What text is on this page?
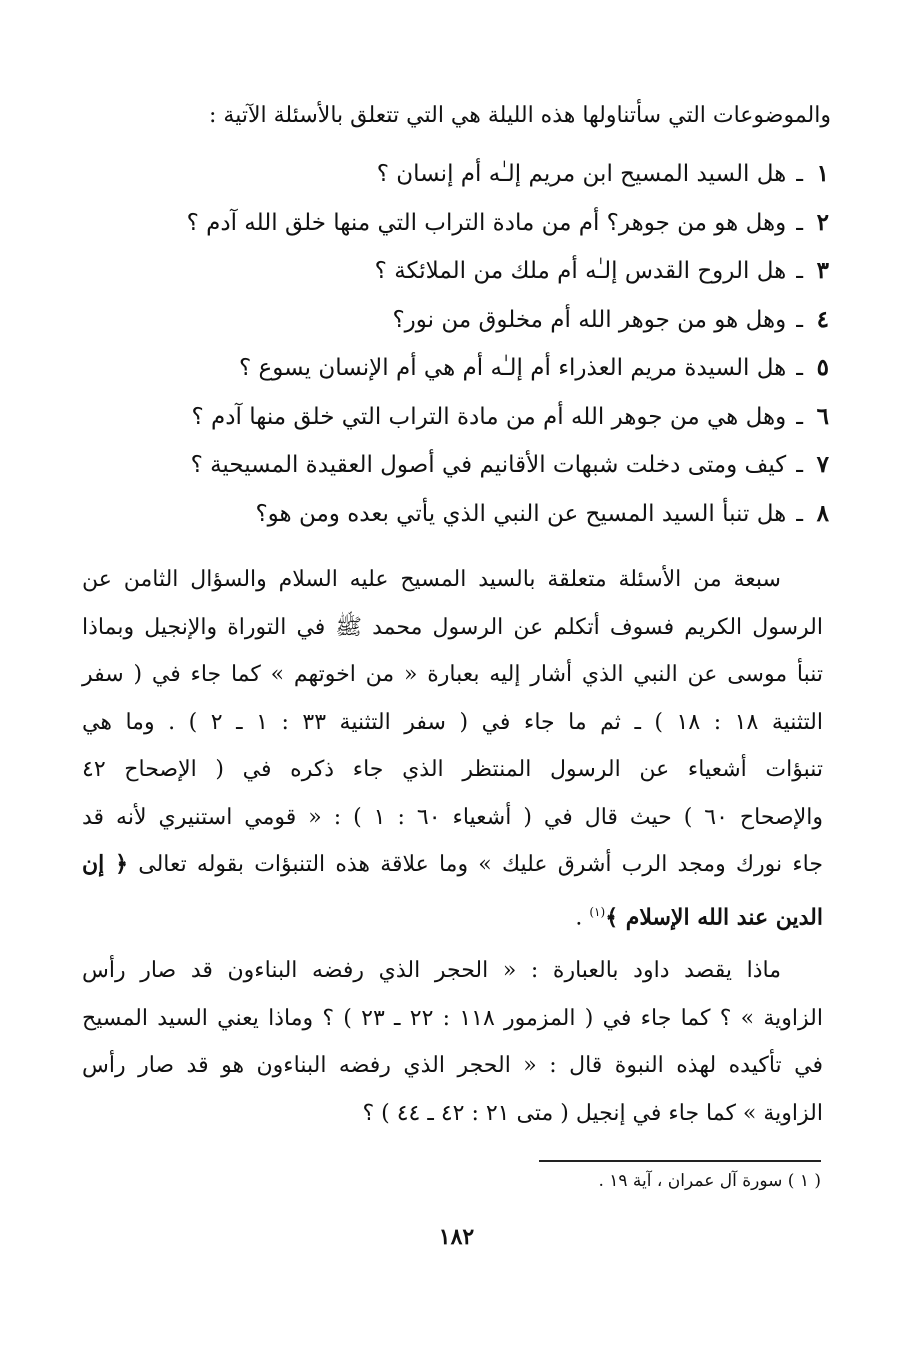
والموضوعات التي سأتناولها هذه الليلة هي التي تتعلق بالأسئلة الآتية :
١ـهل السيد المسيح ابن مريم إلـٰه أم إنسان ؟
٢ـوهل هو من جوهر؟ أم من مادة التراب التي منها خلق الله آدم ؟
٣ـهل الروح القدس إلـٰه أم ملك من الملائكة ؟
٤ـوهل هو من جوهر الله أم مخلوق من نور؟
٥ـهل السيدة مريم العذراء أم إلـٰه أم هي أم الإنسان يسوع ؟
٦ـوهل هي من جوهر الله أم من مادة التراب التي خلق منها آدم ؟
٧ـكيف ومتى دخلت شبهات الأقانيم في أصول العقيدة المسيحية ؟
٨ـهل تنبأ السيد المسيح عن النبي الذي يأتي بعده ومن هو؟
سبعة من الأسئلة متعلقة بالسيد المسيح عليه السلام والسؤال الثامن عن
الرسول الكريم فسوف أتكلم عن الرسول محمد ﷺ في التوراة والإنجيل وبماذا
تنبأ موسى عن النبي الذي أشار إليه بعبارة « من اخوتهم » كما جاء في ( سفر
التثنية ١٨ : ١٨ ) ـ ثم ما جاء في ( سفر التثنية ٣٣ : ١ ـ ٢ ) . وما هي
تنبؤات أشعياء عن الرسول المنتظر الذي جاء ذكره في ( الإصحاح ٤٢
والإصحاح ٦٠ ) حيث قال في ( أشعياء ٦٠ : ١ ) : « قومي استنيري لأنه قد
جاء نورك ومجد الرب أشرق عليك » وما علاقة هذه التنبؤات بقوله تعالى ﴿ إن
الدين عند الله الإسلام ﴾$^{(١)}$ .
ماذا يقصد داود بالعبارة : « الحجر الذي رفضه البناءون قد صار رأس
الزاوية » ؟ كما جاء في ( المزمور ١١٨ : ٢٢ ـ ٢٣ ) ؟ وماذا يعني السيد المسيح
في تأكيده لهذه النبوة قال : « الحجر الذي رفضه البناءون هو قد صار رأس
الزاوية » كما جاء في إنجيل ( متى ٢١ : ٤٢ ـ ٤٤ ) ؟
( ١ ) سورة آل عمران ، آية ١٩ .
١٨٢
